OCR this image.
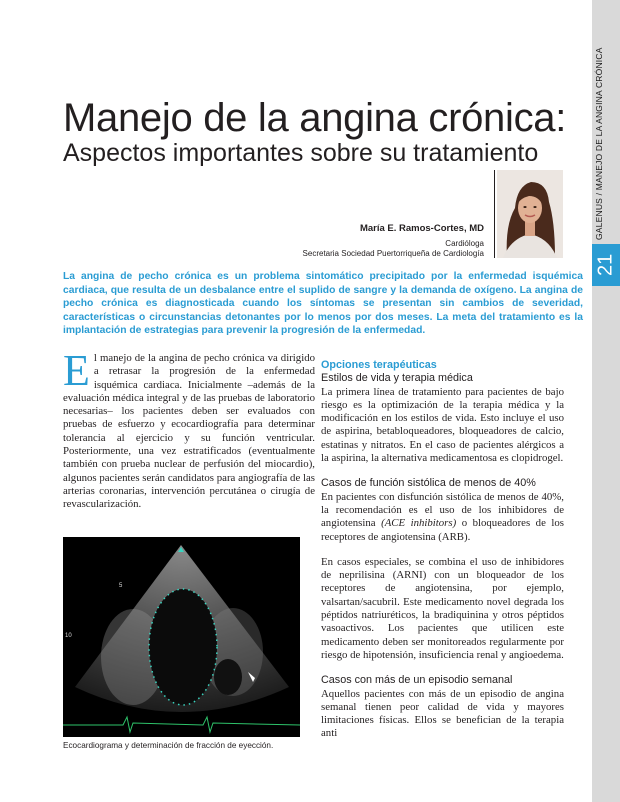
GALENUS / MANEJO DE LA ANGINA CRÓNICA
21
Manejo de la angina crónica:
Aspectos importantes sobre su tratamiento
María E. Ramos-Cortes, MD
Cardióloga
Secretaria Sociedad Puertorriqueña de Cardiología

La angina de pecho crónica es un problema sintomático precipitado por la enfermedad isquémica cardiaca, que resulta de un desbalance entre el suplido de sangre y la demanda de oxígeno. La angina de pecho crónica es diagnosticada cuando los síntomas se presentan sin cambios de severidad, características o circunstancias detonantes por lo menos por dos meses. La meta del tratamiento es la implantación de estrategias para prevenir la progresión de la enfermedad.

El manejo de la angina de pecho crónica va dirigido a retrasar la progresión de la enfermedad isquémica cardiaca. Inicialmente –además de la evaluación médica integral y de las pruebas de laboratorio necesarias– los pacientes deben ser evaluados con pruebas de esfuerzo y ecocardiografía para determinar tolerancia al ejercicio y su función ventricular. Posteriormente, una vez estratificados (eventualmente también con prueba nuclear de perfusión del miocardio), algunos pacientes serán candidatos para angiografía de las arterias coronarias, intervención percutánea o cirugía de revascularización.

5
10
Ecocardiograma y determinación de fracción de eyección.

Opciones terapéuticas

Estilos de vida y terapia médica

La primera línea de tratamiento para pacientes de bajo riesgo es la optimización de la terapia médica y la modificación en los estilos de vida. Esto incluye el uso de aspirina, betabloqueadores, bloqueadores de calcio, estatinas y nitratos. En el caso de pacientes alérgicos a la aspirina, la alternativa medicamentosa es clopidrogel.

Casos de función sistólica de menos de 40%

En pacientes con disfunción sistólica de menos de 40%, la recomendación es el uso de los inhibidores de angiotensina (ACE inhibitors) o bloqueadores de los receptores de angiotensina (ARB).

En casos especiales, se combina el uso de inhibidores de neprilisina (ARNI) con un bloqueador de los receptores de angiotensina, por ejemplo, valsartan/sacubril. Este medicamento novel degrada los péptidos natriuréticos, la bradiquinina y otros péptidos vasoactivos. Los pacientes que utilicen este medicamento deben ser monitoreados regularmente por riesgo de hipotensión, insuficiencia renal y angioedema.

Casos con más de un episodio semanal

Aquellos pacientes con más de un episodio de angina semanal tienen peor calidad de vida y mayores limitaciones físicas. Ellos se benefician de la terapia anti
